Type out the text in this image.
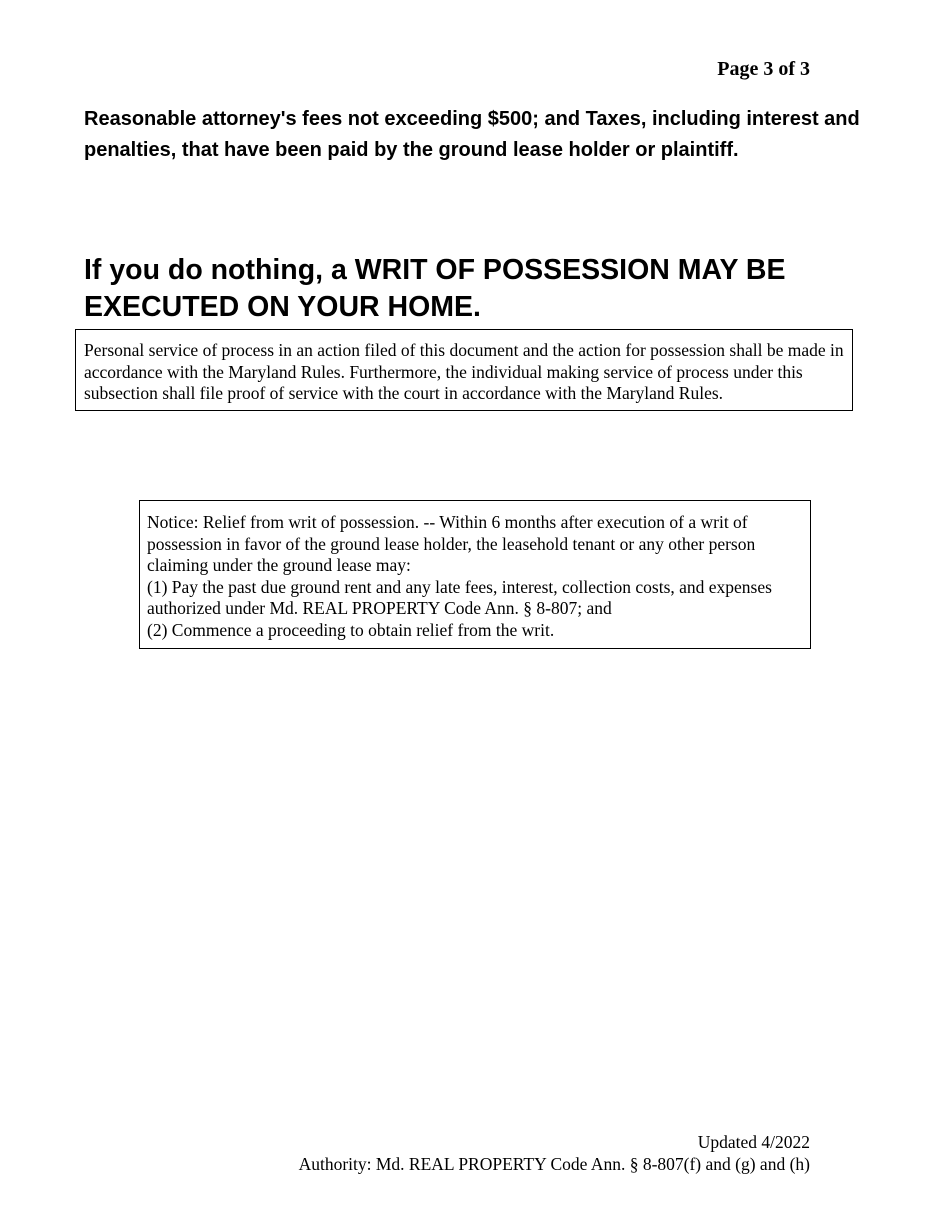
Page 3 of 3
Reasonable attorney's fees not exceeding $500; and Taxes, including interest and penalties, that have been paid by the ground lease holder or plaintiff.
If you do nothing, a WRIT OF POSSESSION MAY BE EXECUTED ON YOUR HOME.

Personal service of process in an action filed of this document and the action for possession shall be made in accordance with the Maryland Rules. Furthermore, the individual making service of process under this subsection shall file proof of service with the court in accordance with the Maryland Rules.

Notice: Relief from writ of possession. -- Within 6 months after execution of a writ of possession in favor of the ground lease holder, the leasehold tenant or any other person claiming under the ground lease may:

(1) Pay the past due ground rent and any late fees, interest, collection costs, and expenses authorized under Md. REAL PROPERTY Code Ann. § 8-807; and

(2) Commence a proceeding to obtain relief from the writ.

Updated 4/2022
Authority: Md. REAL PROPERTY Code Ann. § 8-807(f) and (g) and (h)
